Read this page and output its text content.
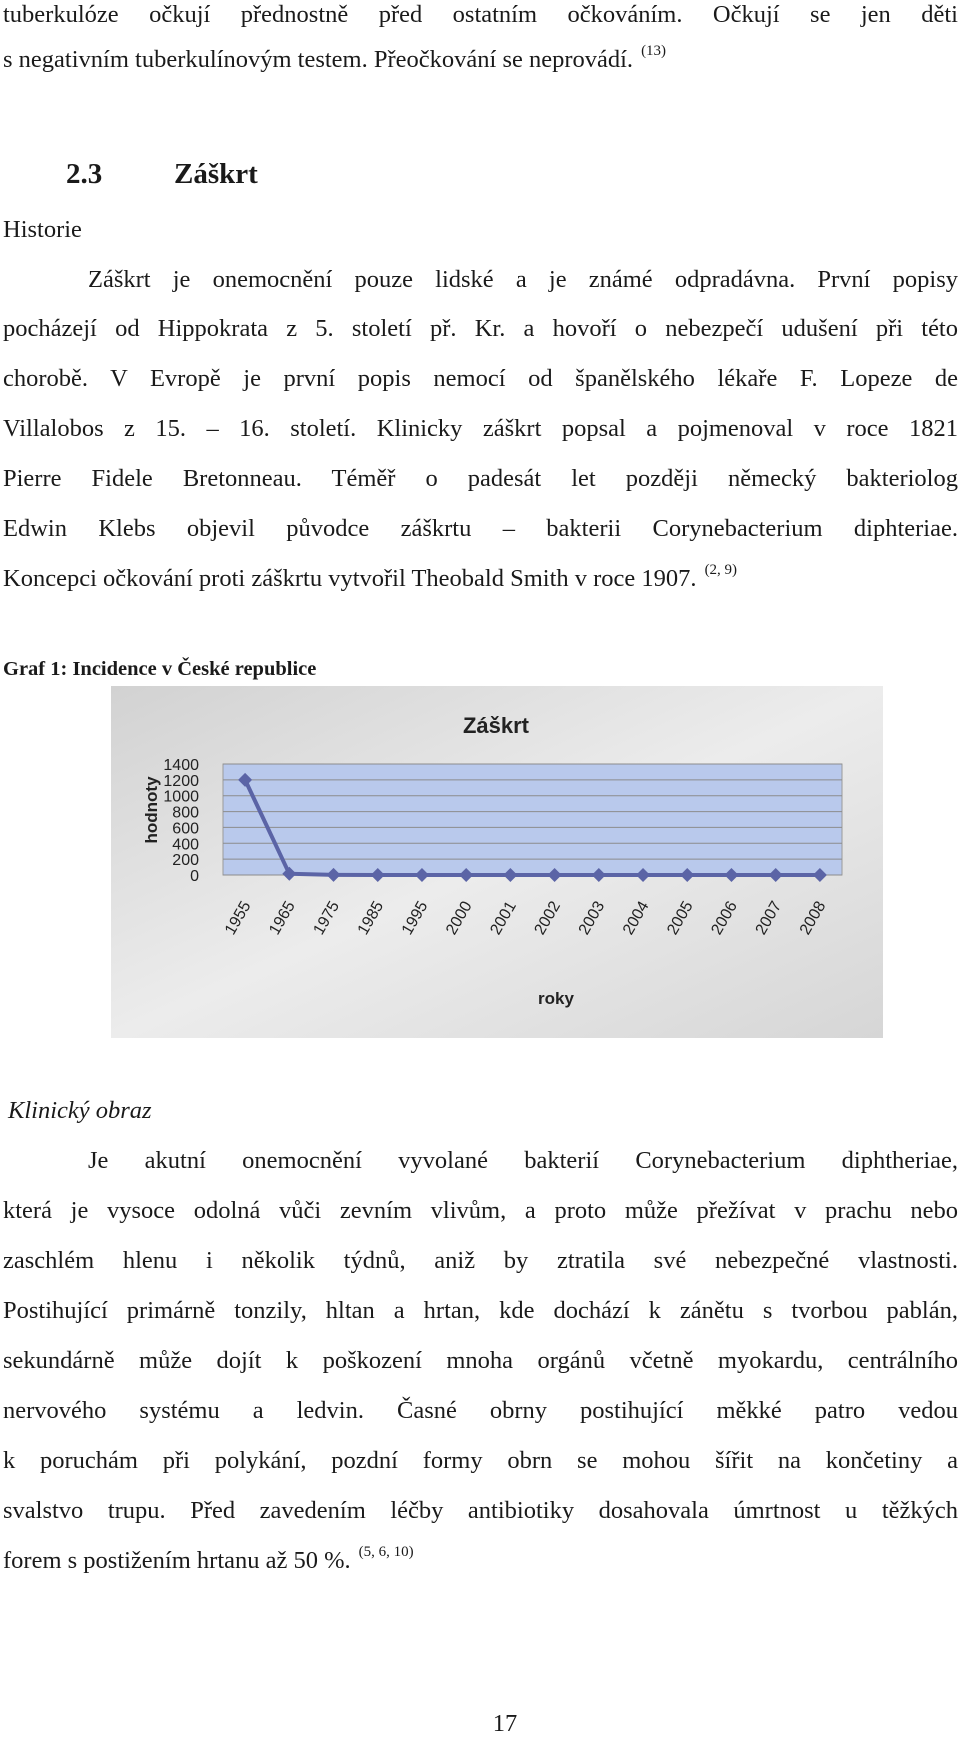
tuberkulóze očkují přednostně před ostatním očkováním. Očkují se jen děti
s negativním tuberkulínovým testem. Přeočkování se neprovádí. $^{(13)}$
2.3 Záškrt
Historie
Záškrt je onemocnění pouze lidské a je známé odpradávna. První popisy
pocházejí od Hippokrata z 5. století př. Kr. a hovoří o nebezpečí udušení při této
chorobě. V Evropě je první popis nemocí od španělského lékaře F. Lopeze de
Villalobos z 15. – 16. století. Klinicky záškrt popsal a pojmenoval v roce 1821
Pierre Fidele Bretonneau. Téměř o padesát let později německý bakteriolog
Edwin Klebs objevil původce záškrtu – bakterii Corynebacterium diphteriae.
Koncepci očkování proti záškrtu vytvořil Theobald Smith v roce 1907. $^{(2, 9)}$
Graf 1: Incidence v České republice
Záškrt
hodnoty
roky
0
200
400
600
800
1000
1200
1400
1955 1965 1975 1985 1995 2000 2001 2002 2003 2004 2005 2006 2007 2008
Klinický obraz
Je akutní onemocnění vyvolané bakterií Corynebacterium diphtheriae,
která je vysoce odolná vůči zevním vlivům, a proto může přežívat v prachu nebo
zaschlém hlenu i několik týdnů, aniž by ztratila své nebezpečné vlastnosti.
Postihující primárně tonzily, hltan a hrtan, kde dochází k zánětu s tvorbou pablán,
sekundárně může dojít k poškození mnoha orgánů včetně myokardu, centrálního
nervového systému a ledvin. Časné obrny postihující měkké patro vedou
k poruchám při polykání, pozdní formy obrn se mohou šířit na končetiny a
svalstvo trupu. Před zavedením léčby antibiotiky dosahovala úmrtnost u těžkých
forem s postižením hrtanu až 50 %. $^{(5, 6, 10)}$
17
